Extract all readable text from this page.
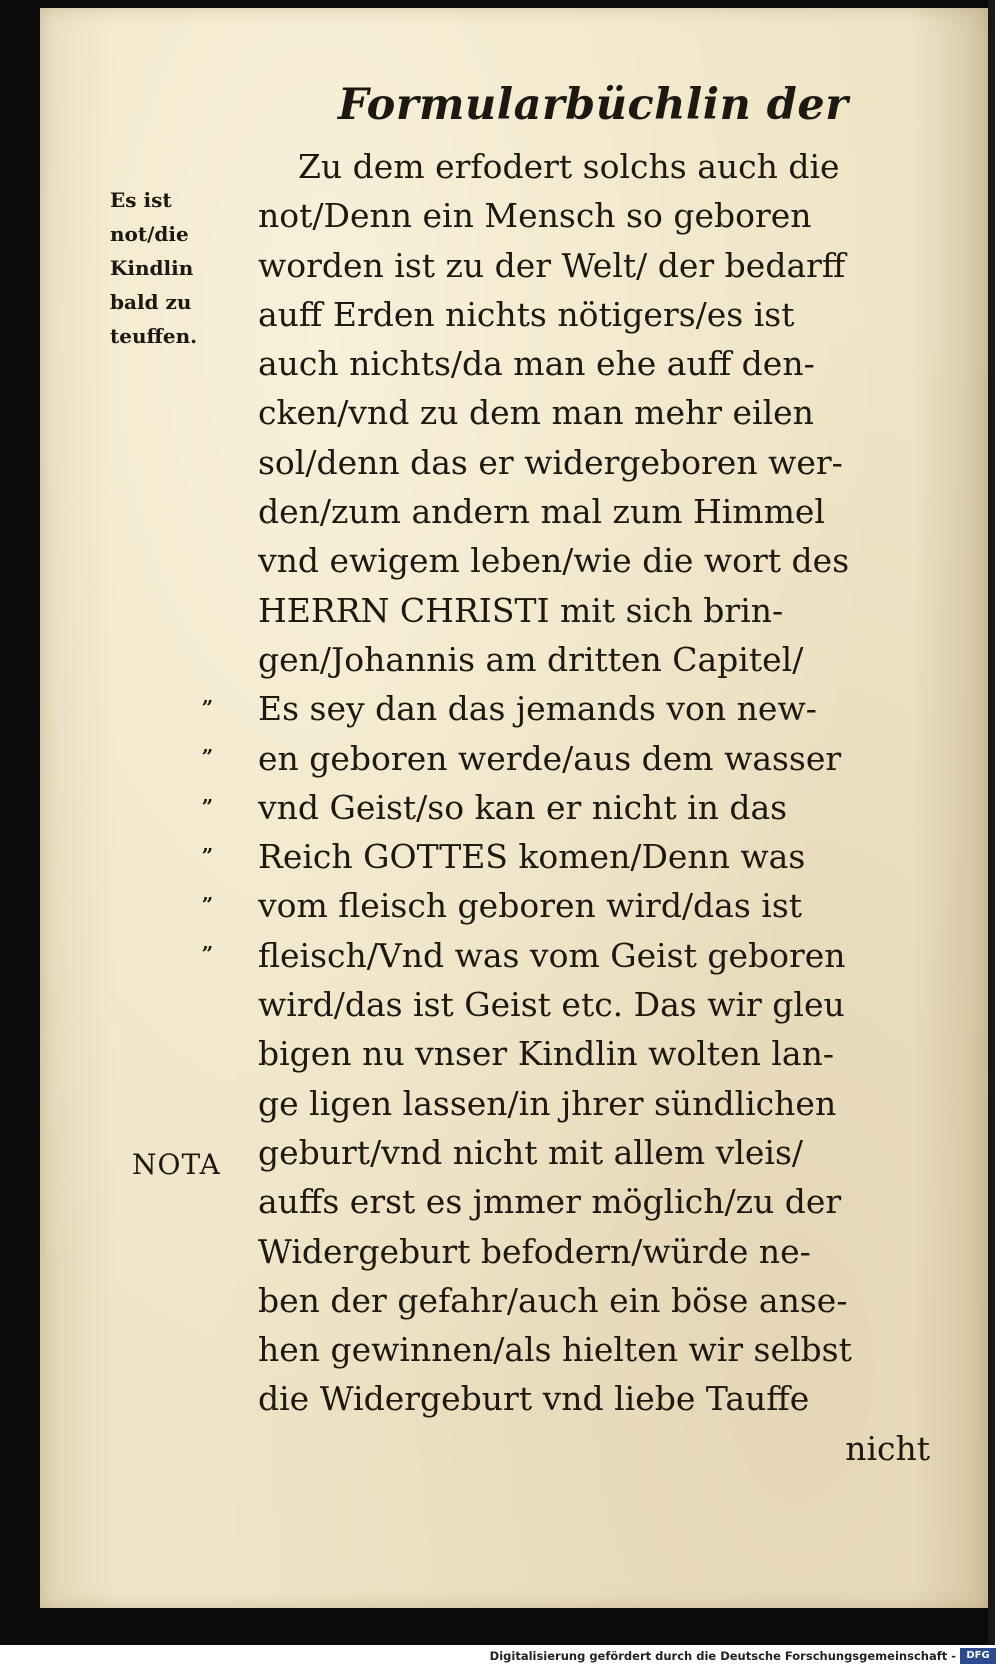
Formularbüchlin der
Es ist
not/die
Kindlin
bald zu
teuffen.
„
„
„
„
„
„
NOTA
Zu dem erfodert solchs auch die
not/Denn ein Mensch so geboren
worden ist zu der Welt/ der bedarff
auff Erden nichts nötigers/es ist
auch nichts/da man ehe auff den-
cken/vnd zu dem man mehr eilen
sol/denn das er widergeboren wer-
den/zum andern mal zum Himmel
vnd ewigem leben/wie die wort des
HERRN CHRISTI mit sich brin-
gen/Johannis am dritten Capitel/
Es sey dan das jemands von new-
en geboren werde/aus dem wasser
vnd Geist/so kan er nicht in das
Reich GOTTES komen/Denn was
vom fleisch geboren wird/das ist
fleisch/Vnd was vom Geist geboren
wird/das ist Geist etc. Das wir gleu
bigen nu vnser Kindlin wolten lan-
ge ligen lassen/in jhrer sündlichen
geburt/vnd nicht mit allem vleis/
auffs erst es jmmer möglich/zu der
Widergeburt befodern/würde ne-
ben der gefahr/auch ein böse anse-
hen gewinnen/als hielten wir selbst
die Widergeburt vnd liebe Tauffe
nicht
Digitalisierung gefördert durch die Deutsche Forschungsgemeinschaft -	DFG
